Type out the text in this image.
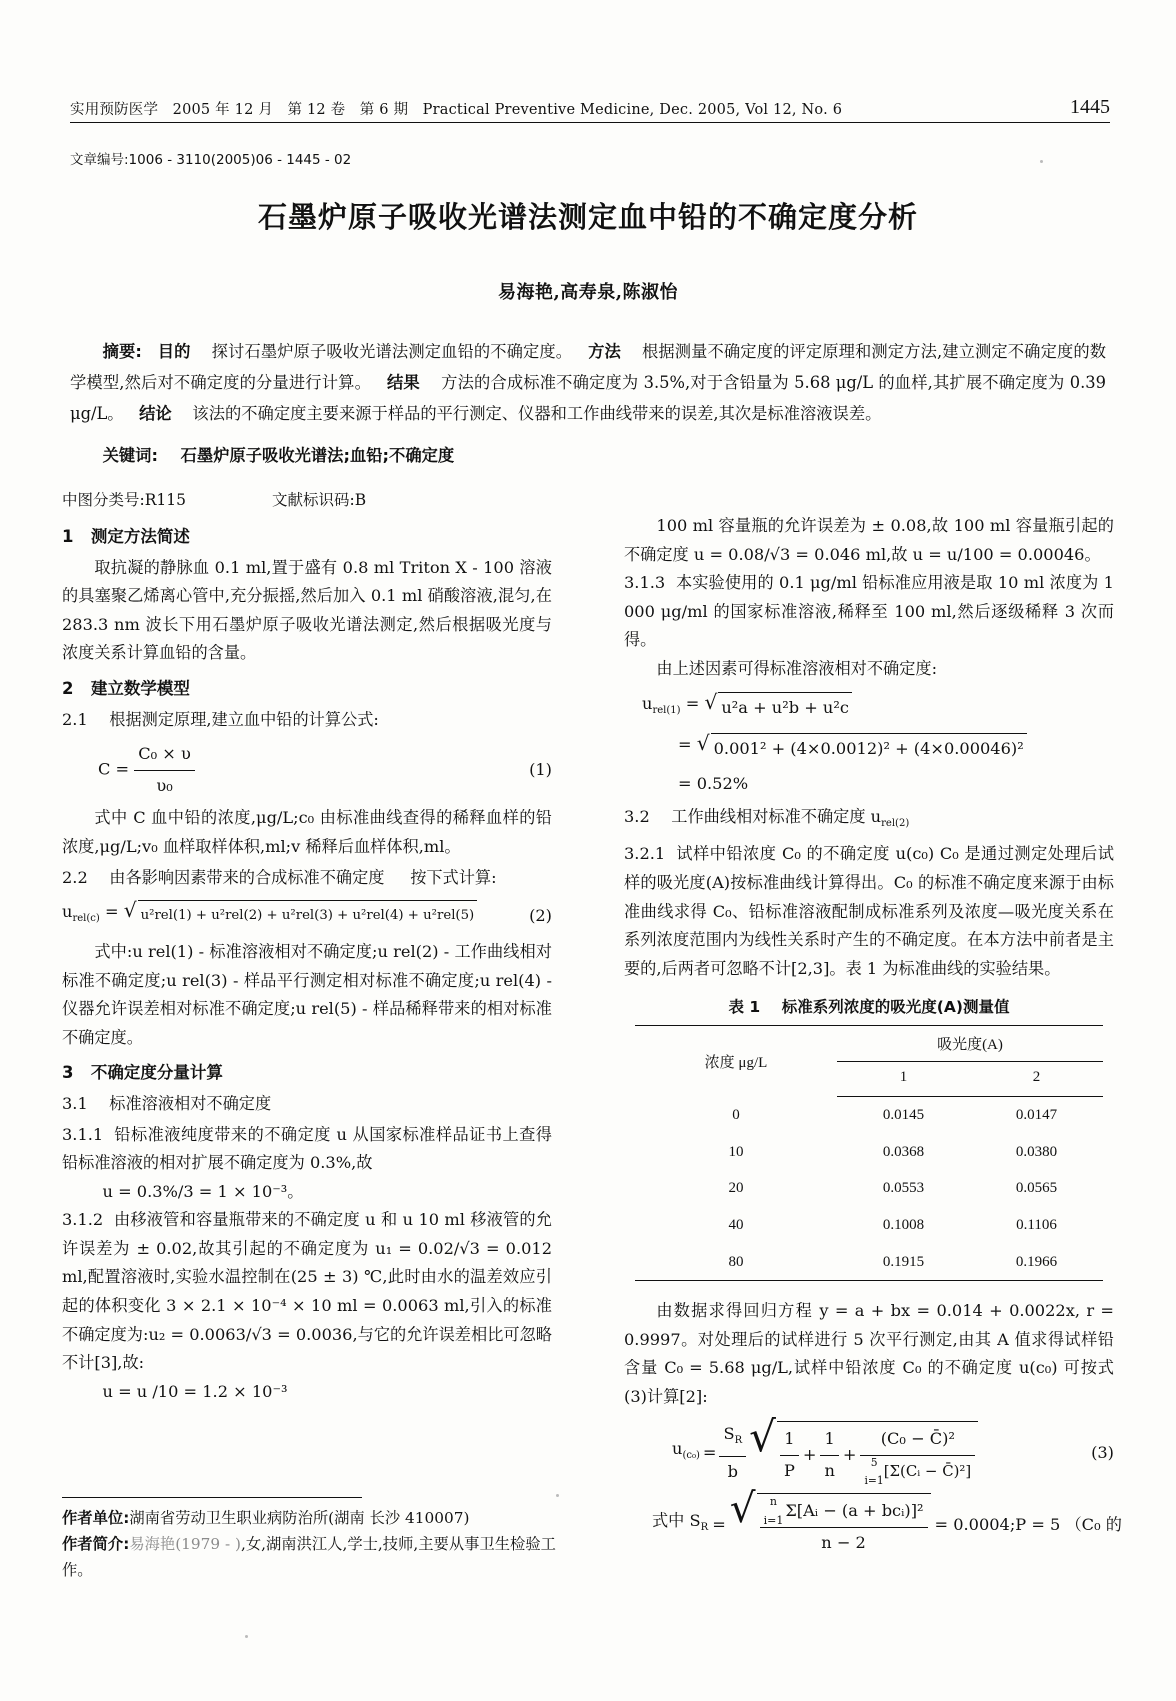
实用预防医学 2005 年 12 月 第 12 卷 第 6 期 Practical Preventive Medicine, Dec. 2005, Vol 12, No. 6	1445
文章编号:1006 - 3110(2005)06 - 1445 - 02
石墨炉原子吸收光谱法测定血中铅的不确定度分析
易海艳,高寿泉,陈淑怡
摘要: 目的 探讨石墨炉原子吸收光谱法测定血铅的不确定度。 方法 根据测量不确定度的评定原理和测定方法,建立测定不确定度的数学模型,然后对不确定度的分量进行计算。 结果 方法的合成标准不确定度为 3.5%,对于含铅量为 5.68 μg/L 的血样,其扩展不确定度为 0.39 μg/L。 结论 该法的不确定度主要来源于样品的平行测定、仪器和工作曲线带来的误差,其次是标准溶液误差。
关键词: 石墨炉原子吸收光谱法;血铅;不确定度
中图分类号:R115	文献标识码:B
1 测定方法简述

取抗凝的静脉血 0.1 ml,置于盛有 0.8 ml Triton X - 100 溶液的具塞聚乙烯离心管中,充分振摇,然后加入 0.1 ml 硝酸溶液,混匀,在 283.3 nm 波长下用石墨炉原子吸收光谱法测定,然后根据吸光度与浓度关系计算血铅的含量。

2 建立数学模型
2.1 根据测定原理,建立血中铅的计算公式:
$C = \frac{\text{C₀ × υ}}{\text{υ₀}}$	(1)

式中 C 血中铅的浓度,μg/L;c₀ 由标准曲线查得的稀释血样的铅浓度,μg/L;v₀ 血样取样体积,ml;v 稀释后血样体积,ml。

2.2 由各影响因素带来的合成标准不确定度 按下式计算:
$u_{rel(c)}$ = √ u²rel(1) + u²rel(2) + u²rel(3) + u²rel(4) + u²rel(5)	(2)

式中:u rel(1) - 标准溶液相对不确定度;u rel(2) - 工作曲线相对标准不确定度;u rel(3) - 样品平行测定相对标准不确定度;u rel(4) - 仪器允许误差相对标准不确定度;u rel(5) - 样品稀释带来的相对标准不确定度。

3 不确定度分量计算
3.1 标准溶液相对不确定度

3.1.1 铅标准液纯度带来的不确定度 u 从国家标准样品证书上查得铅标准溶液的相对扩展不确定度为 0.3%,故

u = 0.3%/3 = 1 × 10⁻³。

3.1.2 由移液管和容量瓶带来的不确定度 u 和 u 10 ml 移液管的允许误差为 ± 0.02,故其引起的不确定度为 u₁ = 0.02/√3 = 0.012 ml,配置溶液时,实验水温控制在(25 ± 3) ℃,此时由水的温差效应引起的体积变化 3 × 2.1 × 10⁻⁴ × 10 ml = 0.0063 ml,引入的标准不确定度为:u₂ = 0.0063/√3 = 0.0036,与它的允许误差相比可忽略不计[3],故:

u = u /10 = 1.2 × 10⁻³

100 ml 容量瓶的允许误差为 ± 0.08,故 100 ml 容量瓶引起的不确定度 u = 0.08/√3 = 0.046 ml,故 u = u/100 = 0.00046。

3.1.3 本实验使用的 0.1 μg/ml 铅标准应用液是取 10 ml 浓度为 1 000 μg/ml 的国家标准溶液,稀释至 100 ml,然后逐级稀释 3 次而得。

由上述因素可得标准溶液相对不确定度:

$u_{rel(1)}$ = √ u²a + u²b + u²c
= √ 0.001² + (4×0.0012)² + (4×0.00046)²
= 0.52%
3.2 工作曲线相对标准不确定度 $u_{rel(2)}$

3.2.1 试样中铅浓度 C₀ 的不确定度 u(c₀) C₀ 是通过测定处理后试样的吸光度(A)按标准曲线计算得出。C₀ 的标准不确定度来源于由标准曲线求得 C₀、铅标准溶液配制成标准系列及浓度—吸光度关系在系列浓度范围内为线性关系时产生的不确定度。在本方法中前者是主要的,后两者可忽略不计[2,3]。表 1 为标准曲线的实验结果。

表 1 标准系列浓度的吸光度(A)测量值
浓度 μg/L	吸光度(A)	
	1	2
0	0.0145	0.0147
10	0.0368	0.0380
20	0.0553	0.0565
40	0.1008	0.1106
80	0.1915	0.1966

由数据求得回归方程 y = a + bx = 0.014 + 0.0022x, r = 0.9997。对处理后的试样进行 5 次平行测定,由其 A 值求得试样铅含量 C₀ = 5.68 μg/L,试样中铅浓度 C₀ 的不确定度 u(c₀) 可按式(3)计算[2]:

$u_{(c_0)} = \frac{S_R}{b}$ √ $\frac{1}{P} + \frac{1}{n}$ +
(C₀ − C̄)²
5

i=1
[Σ(Cᵢ − C̄)²]
(3)
式中 $S_R$ = √	n

i=1
Σ[Aᵢ − (a + bcᵢ)]²
n − 2
= 0.0004;P = 5 （C₀ 的
作者单位:湖南省劳动卫生职业病防治所(湖南 长沙 410007)
作者简介:易海艳(1979 - ),女,湖南洪江人,学士,技师,主要从事卫生检验工作。
